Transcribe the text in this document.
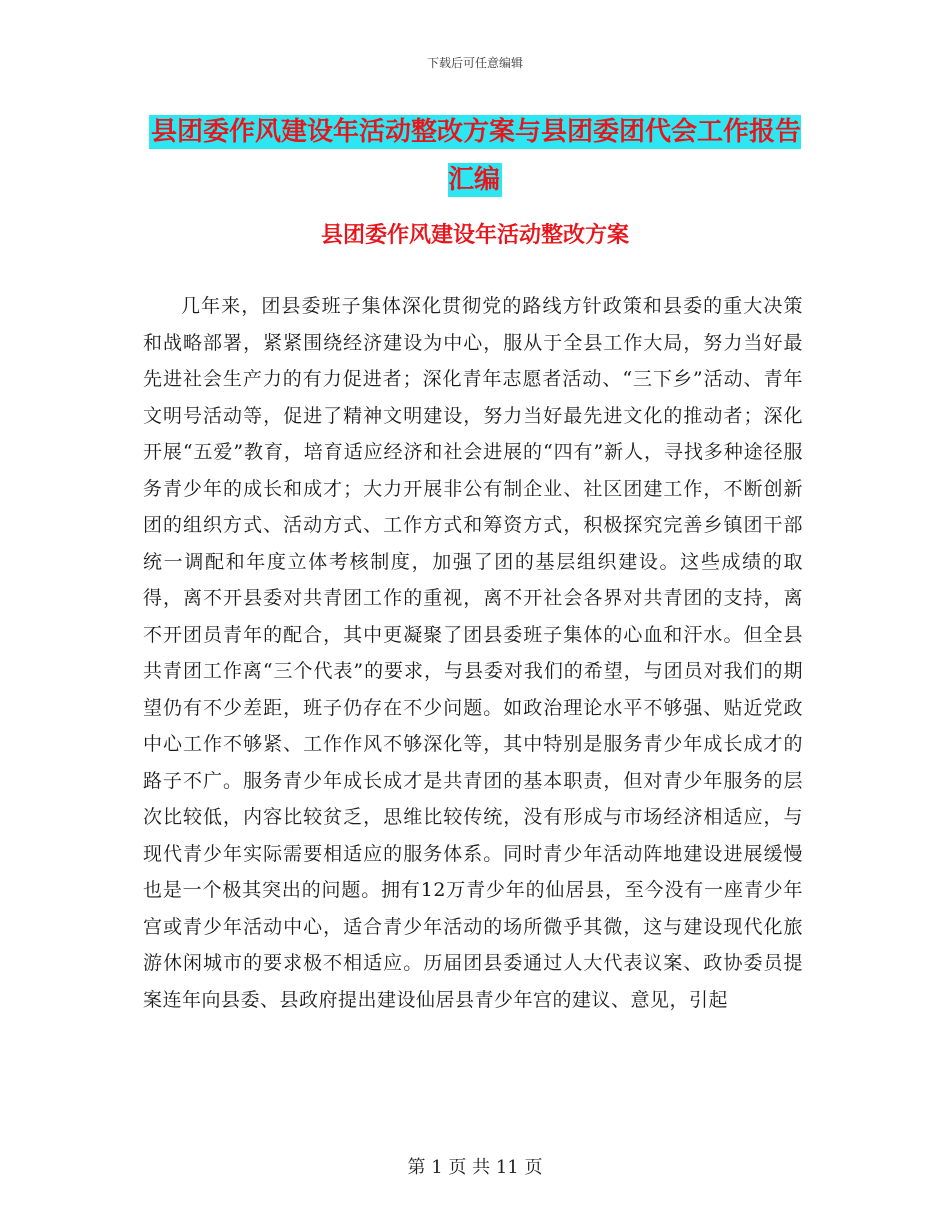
下载后可任意编辑
县团委作风建设年活动整改方案与县团委团代会工作报告汇编
县团委作风建设年活动整改方案
几年来，团县委班子集体深化贯彻党的路线方针政策和县委的重大决策和战略部署，紧紧围绕经济建设为中心，服从于全县工作大局，努力当好最先进社会生产力的有力促进者；深化青年志愿者活动、“三下乡”活动、青年文明号活动等，促进了精神文明建设，努力当好最先进文化的推动者；深化开展“五爱”教育，培育适应经济和社会进展的“四有”新人，寻找多种途径服务青少年的成长和成才；大力开展非公有制企业、社区团建工作，不断创新团的组织方式、活动方式、工作方式和筹资方式，积极探究完善乡镇团干部统一调配和年度立体考核制度，加强了团的基层组织建设。这些成绩的取得，离不开县委对共青团工作的重视，离不开社会各界对共青团的支持，离不开团员青年的配合，其中更凝聚了团县委班子集体的心血和汗水。但全县共青团工作离“三个代表”的要求，与县委对我们的希望，与团员对我们的期望仍有不少差距，班子仍存在不少问题。如政治理论水平不够强、贴近党政中心工作不够紧、工作作风不够深化等，其中特别是服务青少年成长成才的路子不广。服务青少年成长成才是共青团的基本职责，但对青少年服务的层次比较低，内容比较贫乏，思维比较传统，没有形成与市场经济相适应，与现代青少年实际需要相适应的服务体系。同时青少年活动阵地建设进展缓慢也是一个极其突出的问题。拥有12万青少年的仙居县，至今没有一座青少年宫或青少年活动中心，适合青少年活动的场所微乎其微，这与建设现代化旅游休闲城市的要求极不相适应。历届团县委通过人大代表议案、政协委员提案连年向县委、县政府提出建设仙居县青少年宫的建议、意见，引起
第 1 页 共 11 页
